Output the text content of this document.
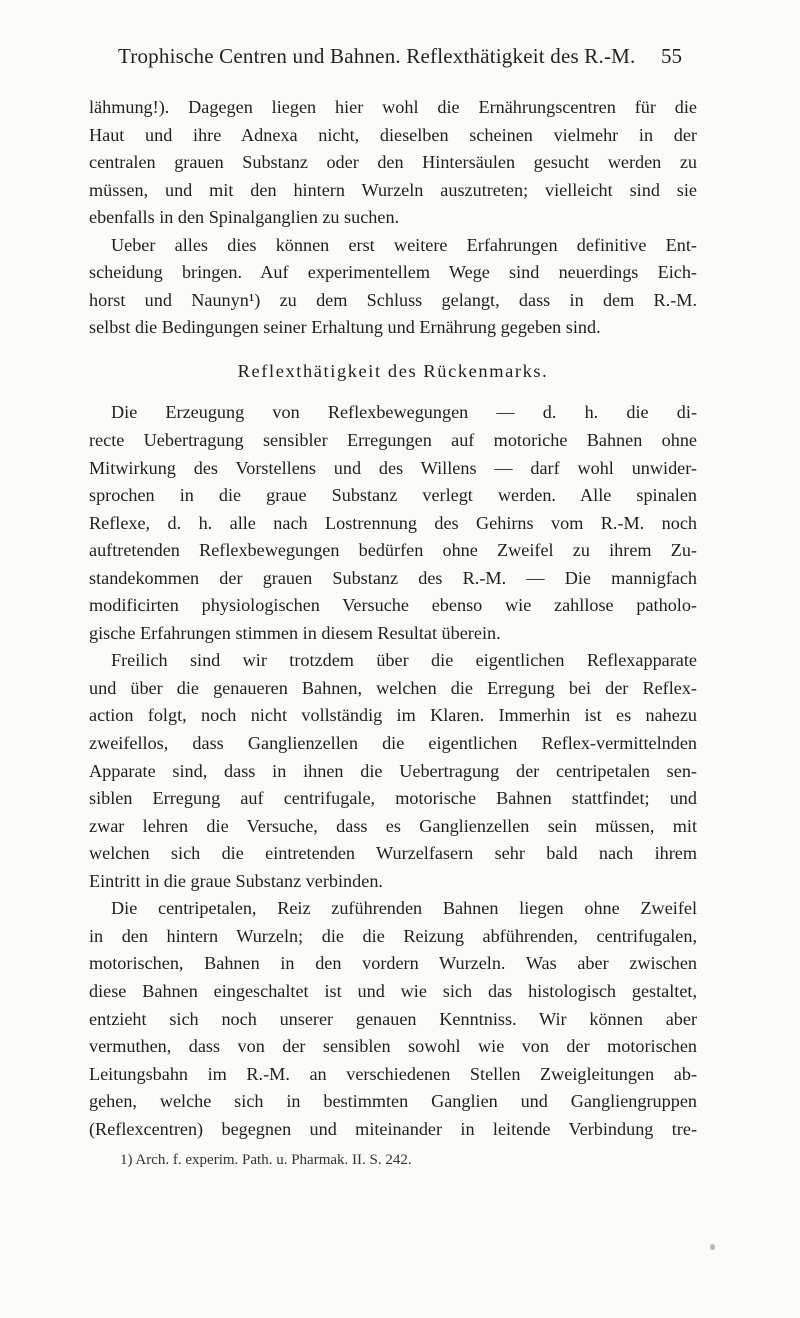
Trophische Centren und Bahnen. Reflexthätigkeit des R.-M. 55
lähmung!). Dagegen liegen hier wohl die Ernährungscentren für die
Haut und ihre Adnexa nicht, dieselben scheinen vielmehr in der
centralen grauen Substanz oder den Hintersäulen gesucht werden zu
müssen, und mit den hintern Wurzeln auszutreten; vielleicht sind sie
ebenfalls in den Spinalganglien zu suchen.
Ueber alles dies können erst weitere Erfahrungen definitive Ent-
scheidung bringen. Auf experimentellem Wege sind neuerdings Eich-
horst und Naunyn¹) zu dem Schluss gelangt, dass in dem R.-M.
selbst die Bedingungen seiner Erhaltung und Ernährung gegeben sind.
Reflexthätigkeit des Rückenmarks.
Die Erzeugung von Reflexbewegungen — d. h. die di-
recte Uebertragung sensibler Erregungen auf motoriche Bahnen ohne
Mitwirkung des Vorstellens und des Willens — darf wohl unwider-
sprochen in die graue Substanz verlegt werden. Alle spinalen
Reflexe, d. h. alle nach Lostrennung des Gehirns vom R.-M. noch
auftretenden Reflexbewegungen bedürfen ohne Zweifel zu ihrem Zu-
standekommen der grauen Substanz des R.-M. — Die mannigfach
modificirten physiologischen Versuche ebenso wie zahllose patholo-
gische Erfahrungen stimmen in diesem Resultat überein.
Freilich sind wir trotzdem über die eigentlichen Reflexapparate
und über die genaueren Bahnen, welchen die Erregung bei der Reflex-
action folgt, noch nicht vollständig im Klaren. Immerhin ist es nahezu
zweifellos, dass Ganglienzellen die eigentlichen Reflex-vermittelnden
Apparate sind, dass in ihnen die Uebertragung der centripetalen sen-
siblen Erregung auf centrifugale, motorische Bahnen stattfindet; und
zwar lehren die Versuche, dass es Ganglienzellen sein müssen, mit
welchen sich die eintretenden Wurzelfasern sehr bald nach ihrem
Eintritt in die graue Substanz verbinden.
Die centripetalen, Reiz zuführenden Bahnen liegen ohne Zweifel
in den hintern Wurzeln; die die Reizung abführenden, centrifugalen,
motorischen, Bahnen in den vordern Wurzeln. Was aber zwischen
diese Bahnen eingeschaltet ist und wie sich das histologisch gestaltet,
entzieht sich noch unserer genauen Kenntniss. Wir können aber
vermuthen, dass von der sensiblen sowohl wie von der motorischen
Leitungsbahn im R.-M. an verschiedenen Stellen Zweigleitungen ab-
gehen, welche sich in bestimmten Ganglien und Gangliengruppen
(Reflexcentren) begegnen und miteinander in leitende Verbindung tre-
1) Arch. f. experim. Path. u. Pharmak. II. S. 242.
